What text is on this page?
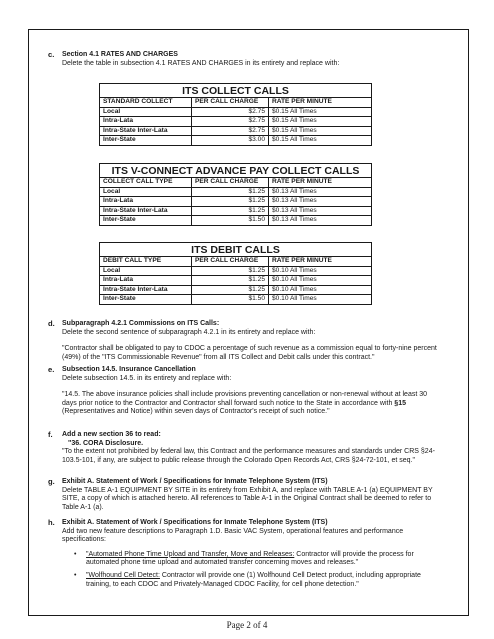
c. Section 4.1 RATES AND CHARGES

Delete the table in subsection 4.1 RATES AND CHARGES in its entirety and replace with:

ITS COLLECT CALLS		
STANDARD COLLECT	PER CALL CHARGE	RATE PER MINUTE
Local	$2.75	$0.15 All Times
Intra-Lata	$2.75	$0.15 All Times
Intra-State Inter-Lata	$2.75	$0.15 All Times
Inter-State	$3.00	$0.15 All Times
ITS V-CONNECT ADVANCE PAY COLLECT CALLS		
COLLECT CALL TYPE	PER CALL CHARGE	RATE PER MINUTE
Local	$1.25	$0.13 All Times
Intra-Lata	$1.25	$0.13 All Times
Intra-State Inter-Lata	$1.25	$0.13 All Times
Inter-State	$1.50	$0.13 All Times
ITS DEBIT CALLS		
DEBIT CALL TYPE	PER CALL CHARGE	RATE PER MINUTE
Local	$1.25	$0.10 All Times
Intra-Lata	$1.25	$0.10 All Times
Intra-State Inter-Lata	$1.25	$0.10 All Times
Inter-State	$1.50	$0.10 All Times
d. Subparagraph 4.2.1 Commissions on ITS Calls:

Delete the second sentence of subparagraph 4.2.1 in its entirety and replace with:

"Contractor shall be obligated to pay to CDOC a percentage of such revenue as a commission equal to forty-nine percent (49%) of the "ITS Commissionable Revenue" from all ITS Collect and Debit calls under this contract."

e. Subsection 14.5. Insurance Cancellation

Delete subsection 14.5. in its entirety and replace with:

"14.5. The above insurance policies shall include provisions preventing cancellation or non-renewal without at least 30 days prior notice to the Contractor and Contractor shall forward such notice to the State in accordance with §15 (Representatives and Notice) within seven days of Contractor's receipt of such notice."

f. Add a new section 36 to read:

"36. CORA Disclosure.

"To the extent not prohibited by federal law, this Contract and the performance measures and standards under CRS §24-103.5-101, if any, are subject to public release through the Colorado Open Records Act, CRS §24-72-101, et seq."

g. Exhibit A. Statement of Work / Specifications for Inmate Telephone System (ITS)

Delete TABLE A-1 EQUIPMENT BY SITE in its entirety from Exhibit A, and replace with TABLE A-1 (a) EQUIPMENT BY SITE, a copy of which is attached hereto. All references to Table A-1 in the Original Contract shall be deemed to refer to Table A-1 (a).

h. Exhibit A. Statement of Work / Specifications for Inmate Telephone System (ITS)

Add two new feature descriptions to Paragraph 1.D. Basic VAC System, operational features and performance specifications:

• "Automated Phone Time Upload and Transfer, Move and Releases: Contractor will provide the process for automated phone time upload and automated transfer concerning moves and releases."
• "Wolfhound Cell Detect: Contractor will provide one (1) Wolfhound Cell Detect product, including appropriate training, to each CDOC and Privately-Managed CDOC Facility, for cell phone detection."
Page 2 of 4
